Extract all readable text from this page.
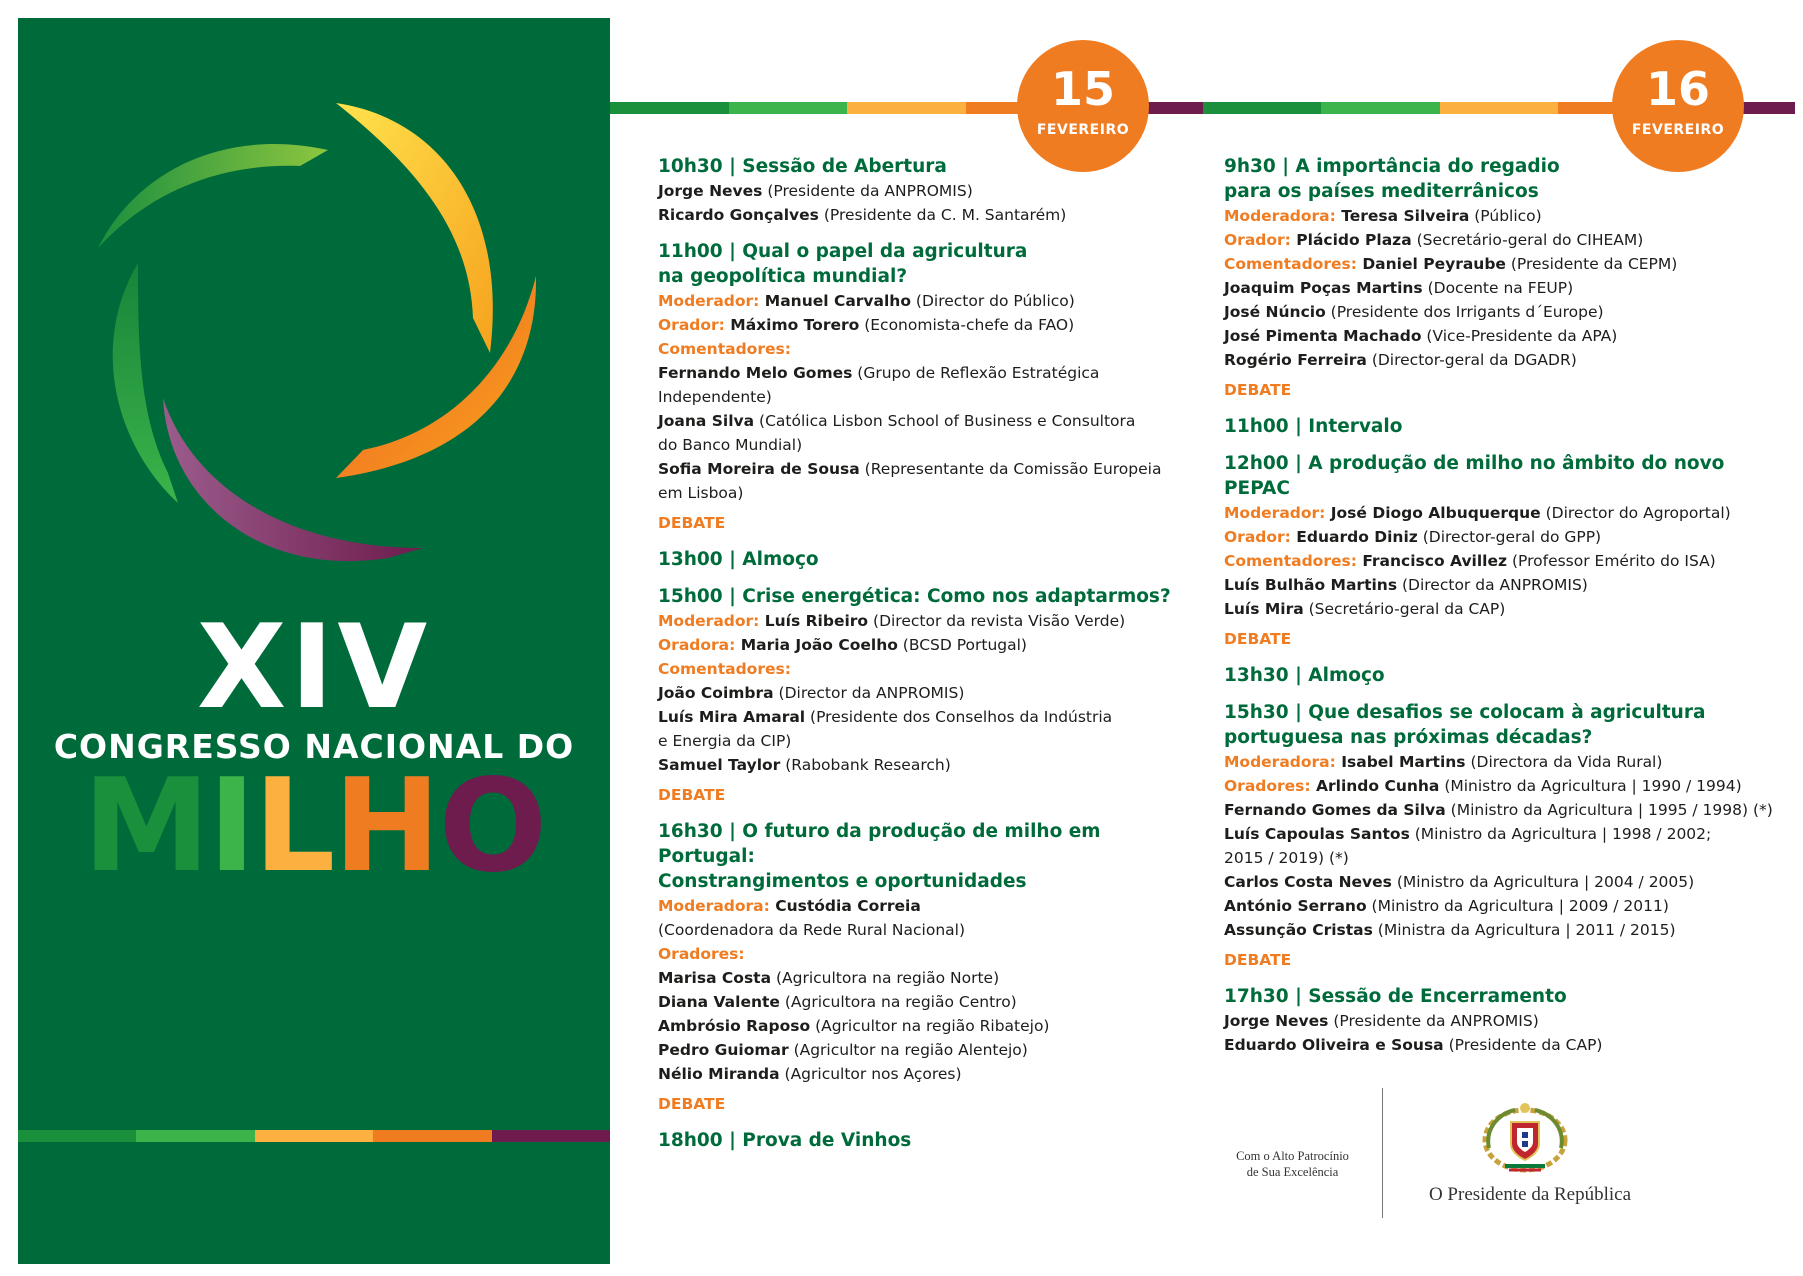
XIV
CONGRESSO NACIONAL DO
MILHO
15
FEVEREIRO
16
FEVEREIRO
10h30 | Sessão de Abertura
Jorge Neves (Presidente da ANPROMIS)
Ricardo Gonçalves (Presidente da C. M. Santarém)
11h00 | Qual o papel da agricultura
na geopolítica mundial?
Moderador: Manuel Carvalho (Director do Público)
Orador: Máximo Torero (Economista-chefe da FAO)
Comentadores:
Fernando Melo Gomes (Grupo de Reflexão Estratégica
Independente)
Joana Silva (Católica Lisbon School of Business e Consultora
do Banco Mundial)
Sofia Moreira de Sousa (Representante da Comissão Europeia
em Lisboa)
DEBATE
13h00 | Almoço
15h00 | Crise energética: Como nos adaptarmos?
Moderador: Luís Ribeiro (Director da revista Visão Verde)
Oradora: Maria João Coelho (BCSD Portugal)
Comentadores:
João Coimbra (Director da ANPROMIS)
Luís Mira Amaral (Presidente dos Conselhos da Indústria
e Energia da CIP)
Samuel Taylor (Rabobank Research)
DEBATE
16h30 | O futuro da produção de milho em Portugal:
Constrangimentos e oportunidades
Moderadora: Custódia Correia
(Coordenadora da Rede Rural Nacional)
Oradores:
Marisa Costa (Agricultora na região Norte)
Diana Valente (Agricultora na região Centro)
Ambrósio Raposo (Agricultor na região Ribatejo)
Pedro Guiomar (Agricultor na região Alentejo)
Nélio Miranda (Agricultor nos Açores)
DEBATE
18h00 | Prova de Vinhos
9h30 | A importância do regadio
para os países mediterrânicos
Moderadora: Teresa Silveira (Público)
Orador: Plácido Plaza (Secretário-geral do CIHEAM)
Comentadores: Daniel Peyraube (Presidente da CEPM)
Joaquim Poças Martins (Docente na FEUP)
José Núncio (Presidente dos Irrigants d´Europe)
José Pimenta Machado (Vice-Presidente da APA)
Rogério Ferreira (Director-geral da DGADR)
DEBATE
11h00 | Intervalo
12h00 | A produção de milho no âmbito do novo PEPAC
Moderador: José Diogo Albuquerque (Director do Agroportal)
Orador: Eduardo Diniz (Director-geral do GPP)
Comentadores: Francisco Avillez (Professor Emérito do ISA)
Luís Bulhão Martins (Director da ANPROMIS)
Luís Mira (Secretário-geral da CAP)
DEBATE
13h30 | Almoço
15h30 | Que desafios se colocam à agricultura
portuguesa nas próximas décadas?
Moderadora: Isabel Martins (Directora da Vida Rural)
Oradores: Arlindo Cunha (Ministro da Agricultura | 1990 / 1994)
Fernando Gomes da Silva (Ministro da Agricultura | 1995 / 1998) (*)
Luís Capoulas Santos (Ministro da Agricultura | 1998 / 2002;
2015 / 2019) (*)
Carlos Costa Neves (Ministro da Agricultura | 2004 / 2005)
António Serrano (Ministro da Agricultura | 2009 / 2011)
Assunção Cristas (Ministra da Agricultura | 2011 / 2015)
DEBATE
17h30 | Sessão de Encerramento
Jorge Neves (Presidente da ANPROMIS)
Eduardo Oliveira e Sousa (Presidente da CAP)
Com o Alto Patrocínio
de Sua Excelência
O Presidente da República
